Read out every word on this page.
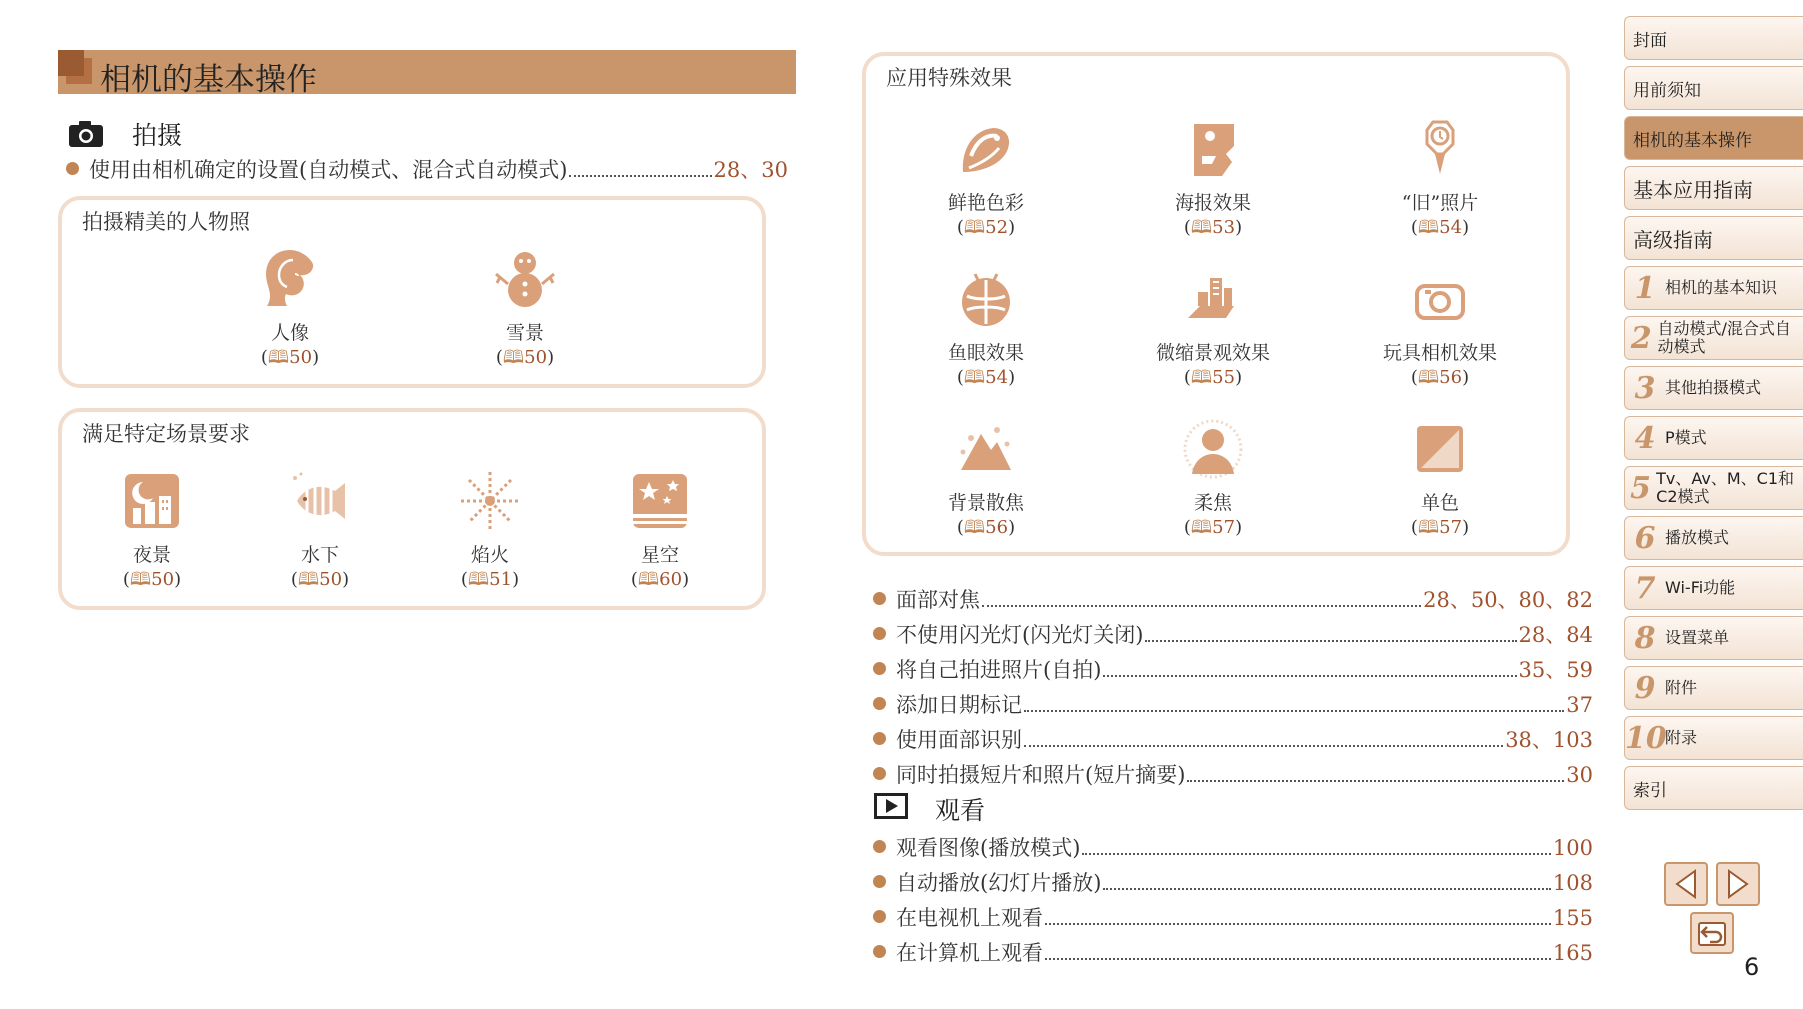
相机的基本操作
拍摄
使用由相机确定的设置(自动模式、混合式自动模式)	28、30
拍摄精美的人物照
人像
(🕮50)
雪景
(🕮50)
满足特定场景要求
夜景
(🕮50)
水下
(🕮50)
焰火
(🕮51)
星空
(🕮60)
应用特殊效果
鲜艳色彩
(🕮52)
海报效果
(🕮53)
“旧”照片
(🕮54)
鱼眼效果
(🕮54)
微缩景观效果
(🕮55)
玩具相机效果
(🕮56)
背景散焦
(🕮56)
柔焦
(🕮57)
单色
(🕮57)
面部对焦	28、50、80、82
不使用闪光灯(闪光灯关闭)	28、84
将自己拍进照片(自拍)	35、59
添加日期标记	37
使用面部识别	38、103
同时拍摄短片和照片(短片摘要)	30
观看
观看图像(播放模式)	100
自动播放(幻灯片播放)	108
在电视机上观看	155
在计算机上观看	165
封面
用前须知
相机的基本操作
基本应用指南
高级指南
1 相机的基本知识
2 自动模式/混合式自动模式
3 其他拍摄模式
4 P模式
5 Tv、Av、M、C1和C2模式
6 播放模式
7 Wi-Fi功能
8 设置菜单
9 附件
10
附录
索引
6
